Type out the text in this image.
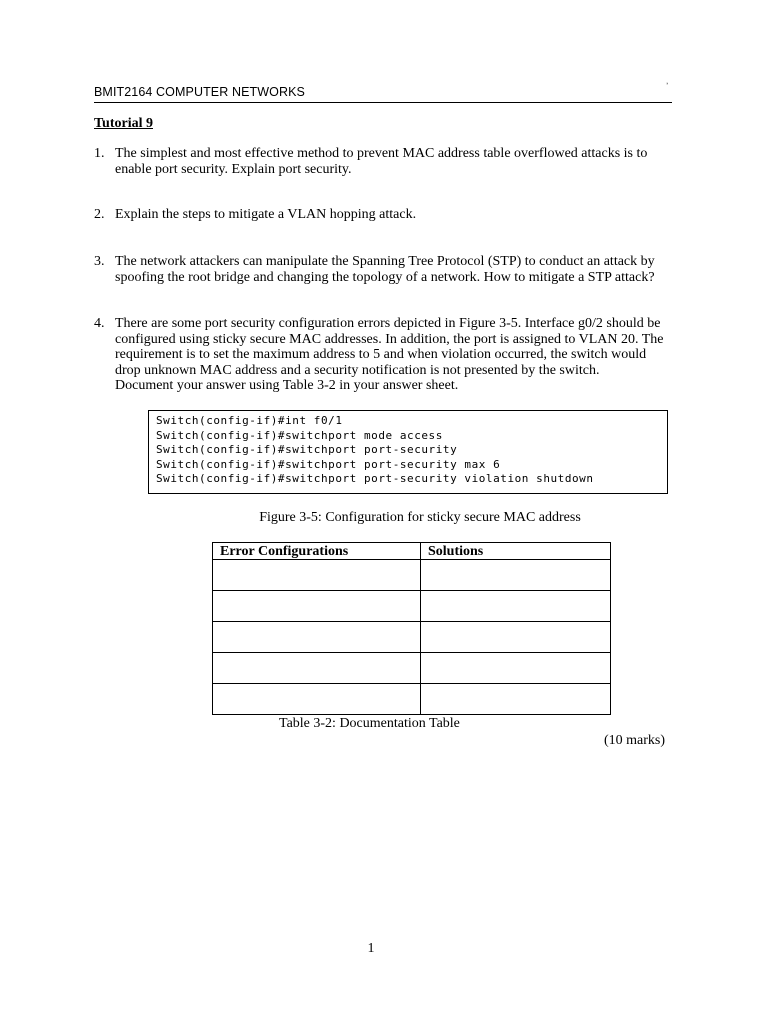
BMIT2164 COMPUTER NETWORKS	ʼ
Tutorial 9
1. The simplest and most effective method to prevent MAC address table overflowed attacks is to
enable port security. Explain port security.
2. Explain the steps to mitigate a VLAN hopping attack.
3. The network attackers can manipulate the Spanning Tree Protocol (STP) to conduct an attack by
spoofing the root bridge and changing the topology of a network. How to mitigate a STP attack?
4. There are some port security configuration errors depicted in Figure 3-5. Interface g0/2 should be
configured using sticky secure MAC addresses. In addition, the port is assigned to VLAN 20. The
requirement is to set the maximum address to 5 and when violation occurred, the switch would
drop unknown MAC address and a security notification is not presented by the switch.
Document your answer using Table 3-2 in your answer sheet.
Switch(config-if)#int f0/1
Switch(config-if)#switchport mode access
Switch(config-if)#switchport port-security
Switch(config-if)#switchport port-security max 6
Switch(config-if)#switchport port-security violation shutdown
Figure 3-5: Configuration for sticky secure MAC address
Error Configurations	Solutions

Table 3-2: Documentation Table
(10 marks)
1
